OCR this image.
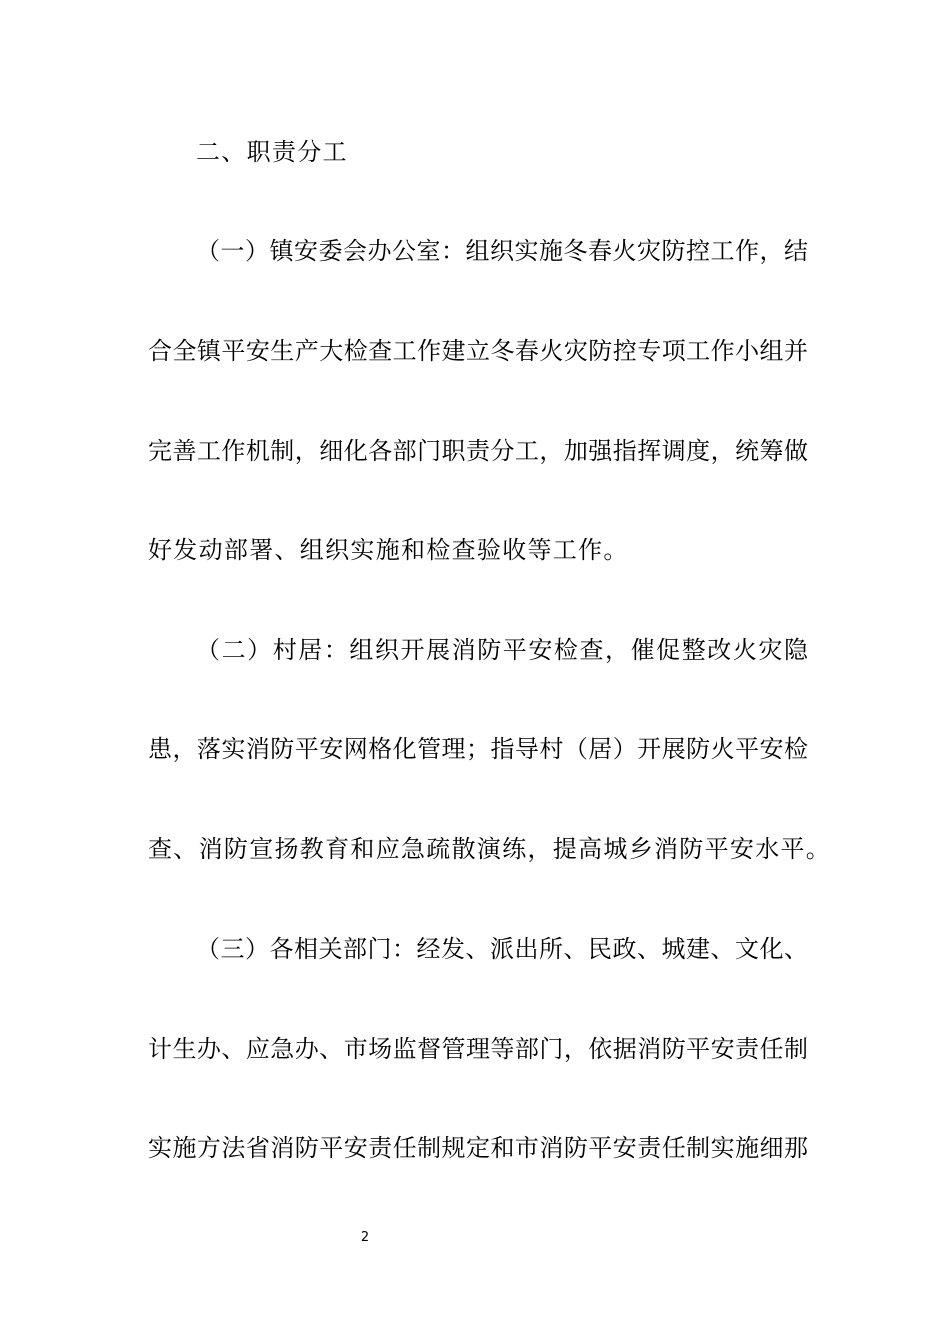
二、职责分工
（一）镇安委会办公室：组织实施冬春火灾防控工作，结
合全镇平安生产大检查工作建立冬春火灾防控专项工作小组并
完善工作机制，细化各部门职责分工，加强指挥调度，统筹做
好发动部署、组织实施和检查验收等工作。
（二）村居：组织开展消防平安检查，催促整改火灾隐
患，落实消防平安网格化管理；指导村（居）开展防火平安检
查、消防宣扬教育和应急疏散演练，提高城乡消防平安水平。
（三）各相关部门：经发、派出所、民政、城建、文化、
计生办、应急办、市场监督管理等部门，依据消防平安责任制
实施方法省消防平安责任制规定和市消防平安责任制实施细那
2
